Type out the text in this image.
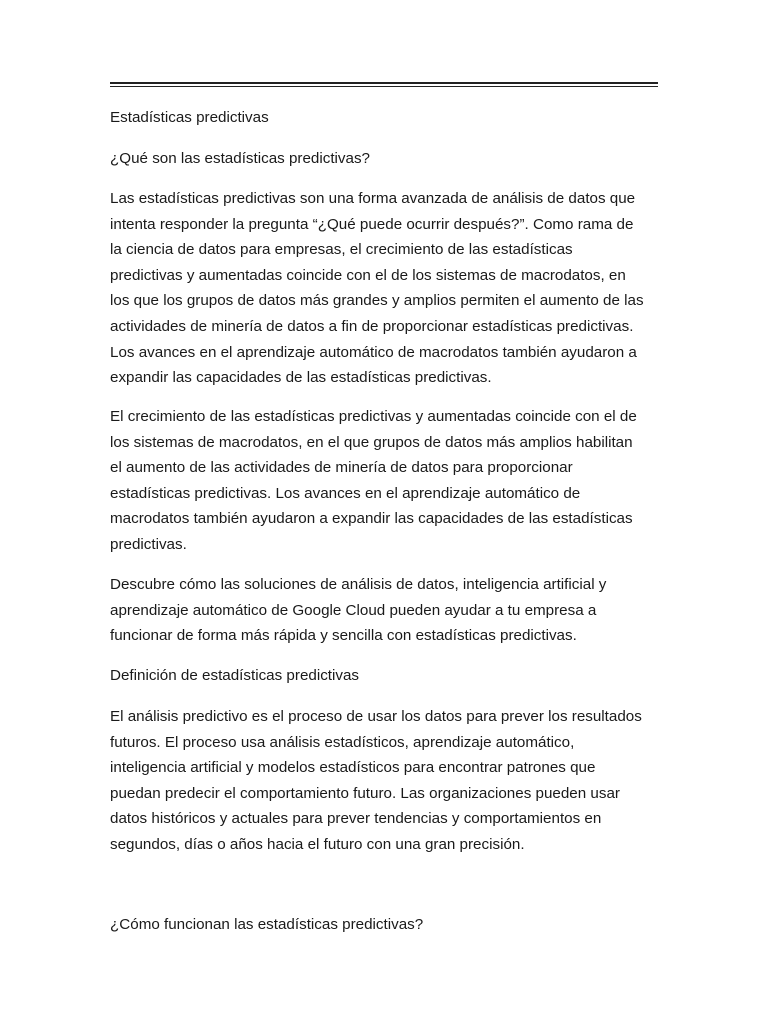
Estadísticas predictivas

¿Qué son las estadísticas predictivas?

Las estadísticas predictivas son una forma avanzada de análisis de datos que
intenta responder la pregunta “¿Qué puede ocurrir después?”. Como rama de
la ciencia de datos para empresas, el crecimiento de las estadísticas
predictivas y aumentadas coincide con el de los sistemas de macrodatos, en
los que los grupos de datos más grandes y amplios permiten el aumento de las
actividades de minería de datos a fin de proporcionar estadísticas predictivas.
Los avances en el aprendizaje automático de macrodatos también ayudaron a
expandir las capacidades de las estadísticas predictivas.

El crecimiento de las estadísticas predictivas y aumentadas coincide con el de
los sistemas de macrodatos, en el que grupos de datos más amplios habilitan
el aumento de las actividades de minería de datos para proporcionar
estadísticas predictivas. Los avances en el aprendizaje automático de
macrodatos también ayudaron a expandir las capacidades de las estadísticas
predictivas.

Descubre cómo las soluciones de análisis de datos, inteligencia artificial y
aprendizaje automático de Google Cloud pueden ayudar a tu empresa a
funcionar de forma más rápida y sencilla con estadísticas predictivas.

Definición de estadísticas predictivas

El análisis predictivo es el proceso de usar los datos para prever los resultados
futuros. El proceso usa análisis estadísticos, aprendizaje automático,
inteligencia artificial y modelos estadísticos para encontrar patrones que
puedan predecir el comportamiento futuro. Las organizaciones pueden usar
datos históricos y actuales para prever tendencias y comportamientos en
segundos, días o años hacia el futuro con una gran precisión.

¿Cómo funcionan las estadísticas predictivas?
